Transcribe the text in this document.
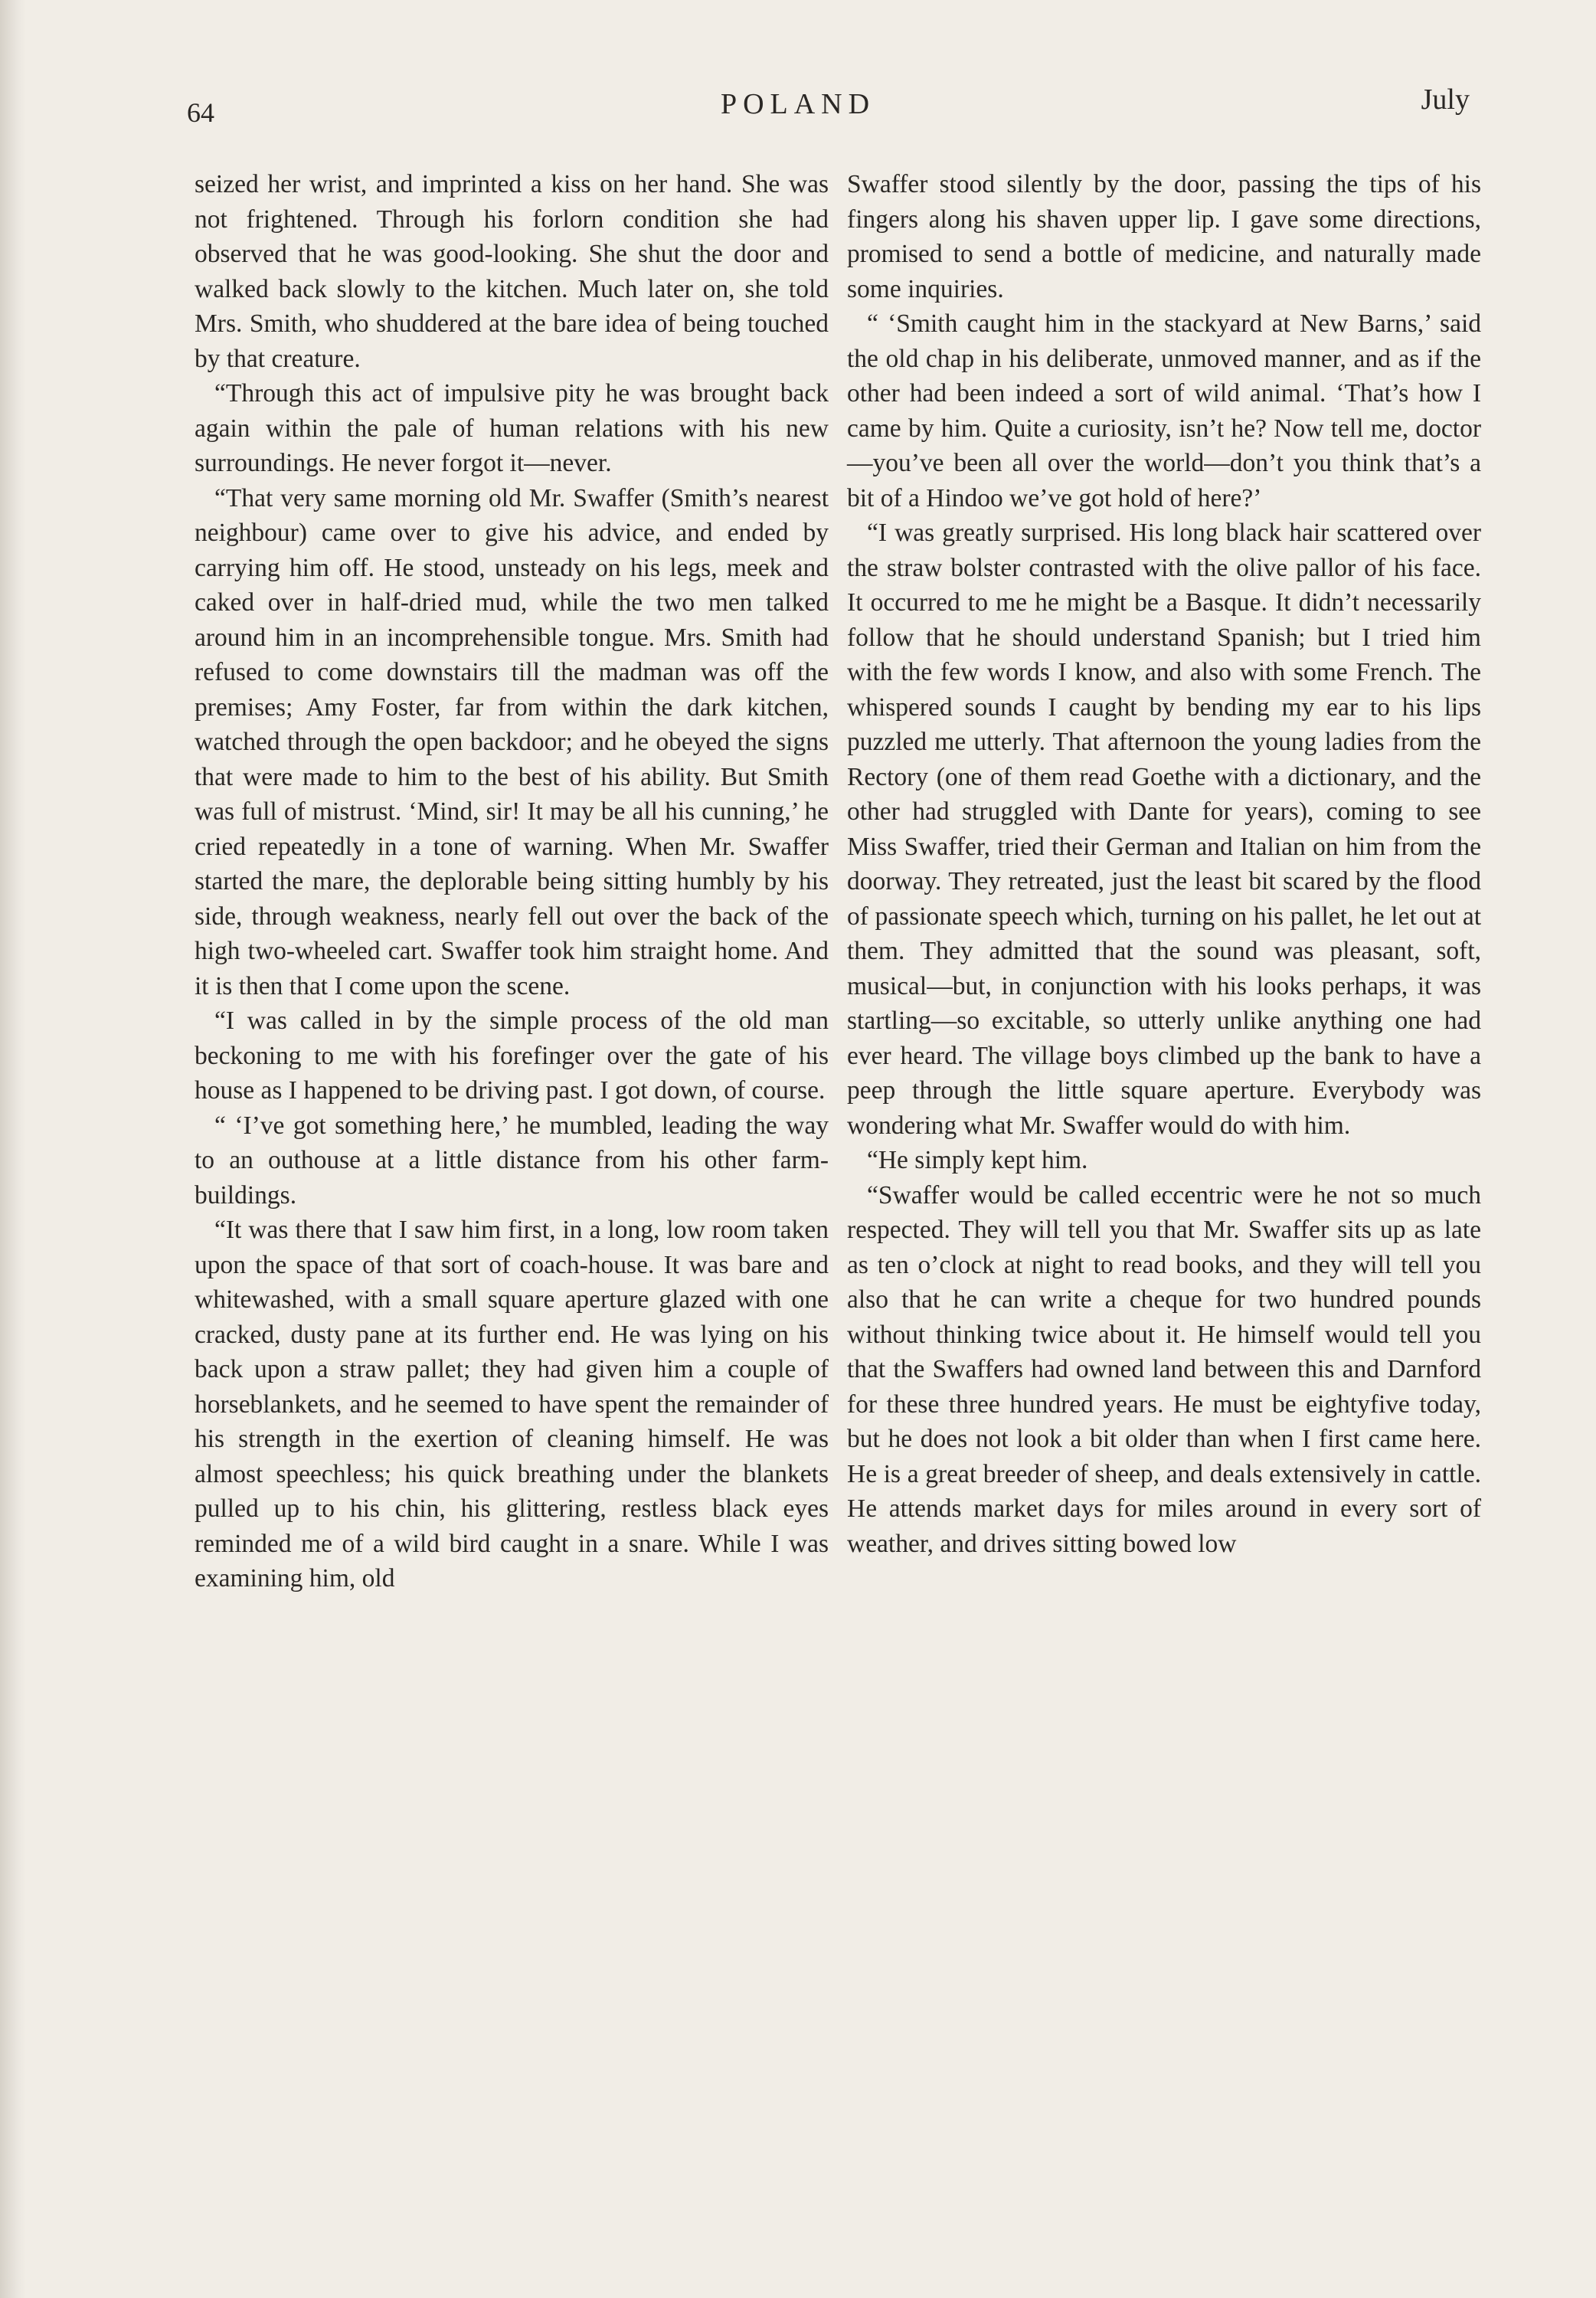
64	POLAND	July

seized her wrist, and imprinted a kiss on her hand. She was not frightened. Through his forlorn condition she had observed that he was good-looking. She shut the door and walked back slowly to the kitchen. Much later on, she told Mrs. Smith, who shuddered at the bare idea of being touched by that creature.

“Through this act of impulsive pity he was brought back again within the pale of human relations with his new surroundings. He never forgot it—never.

“That very same morning old Mr. Swaffer (Smith’s nearest neighbour) came over to give his advice, and ended by carrying him off. He stood, unsteady on his legs, meek and caked over in half-dried mud, while the two men talked around him in an incomprehensible tongue. Mrs. Smith had refused to come downstairs till the madman was off the premises; Amy Foster, far from within the dark kitchen, watched through the open backdoor; and he obeyed the signs that were made to him to the best of his ability. But Smith was full of mistrust. ‘Mind, sir! It may be all his cunning,’ he cried repeatedly in a tone of warning. When Mr. Swaffer started the mare, the deplorable being sitting humbly by his side, through weakness, nearly fell out over the back of the high two-wheeled cart. Swaffer took him straight home. And it is then that I come upon the scene.

“I was called in by the simple process of the old man beckoning to me with his forefinger over the gate of his house as I happened to be driving past. I got down, of course.

“ ‘I’ve got something here,’ he mumbled, leading the way to an outhouse at a little distance from his other farm-buildings.

“It was there that I saw him first, in a long, low room taken upon the space of that sort of coach-house. It was bare and whitewashed, with a small square aperture glazed with one cracked, dusty pane at its further end. He was lying on his back upon a straw pallet; they had given him a couple of horseblankets, and he seemed to have spent the remainder of his strength in the exertion of cleaning himself. He was almost speechless; his quick breathing under the blankets pulled up to his chin, his glittering, restless black eyes reminded me of a wild bird caught in a snare. While I was examining him, old

Swaffer stood silently by the door, passing the tips of his fingers along his shaven upper lip. I gave some directions, promised to send a bottle of medicine, and naturally made some inquiries.

“ ‘Smith caught him in the stackyard at New Barns,’ said the old chap in his deliberate, unmoved manner, and as if the other had been indeed a sort of wild animal. ‘That’s how I came by him. Quite a curiosity, isn’t he? Now tell me, doctor—you’ve been all over the world—don’t you think that’s a bit of a Hindoo we’ve got hold of here?’

“I was greatly surprised. His long black hair scattered over the straw bolster contrasted with the olive pallor of his face. It occurred to me he might be a Basque. It didn’t necessarily follow that he should understand Spanish; but I tried him with the few words I know, and also with some French. The whispered sounds I caught by bending my ear to his lips puzzled me utterly. That afternoon the young ladies from the Rectory (one of them read Goethe with a dictionary, and the other had struggled with Dante for years), coming to see Miss Swaffer, tried their German and Italian on him from the doorway. They retreated, just the least bit scared by the flood of passionate speech which, turning on his pallet, he let out at them. They admitted that the sound was pleasant, soft, musical—but, in conjunction with his looks perhaps, it was startling—so excitable, so utterly unlike anything one had ever heard. The village boys climbed up the bank to have a peep through the little square aperture. Everybody was wondering what Mr. Swaffer would do with him.

“He simply kept him.

“Swaffer would be called eccentric were he not so much respected. They will tell you that Mr. Swaffer sits up as late as ten o’clock at night to read books, and they will tell you also that he can write a cheque for two hundred pounds without thinking twice about it. He himself would tell you that the Swaffers had owned land between this and Darnford for these three hundred years. He must be eightyfive today, but he does not look a bit older than when I first came here. He is a great breeder of sheep, and deals extensively in cattle. He attends market days for miles around in every sort of weather, and drives sitting bowed low
